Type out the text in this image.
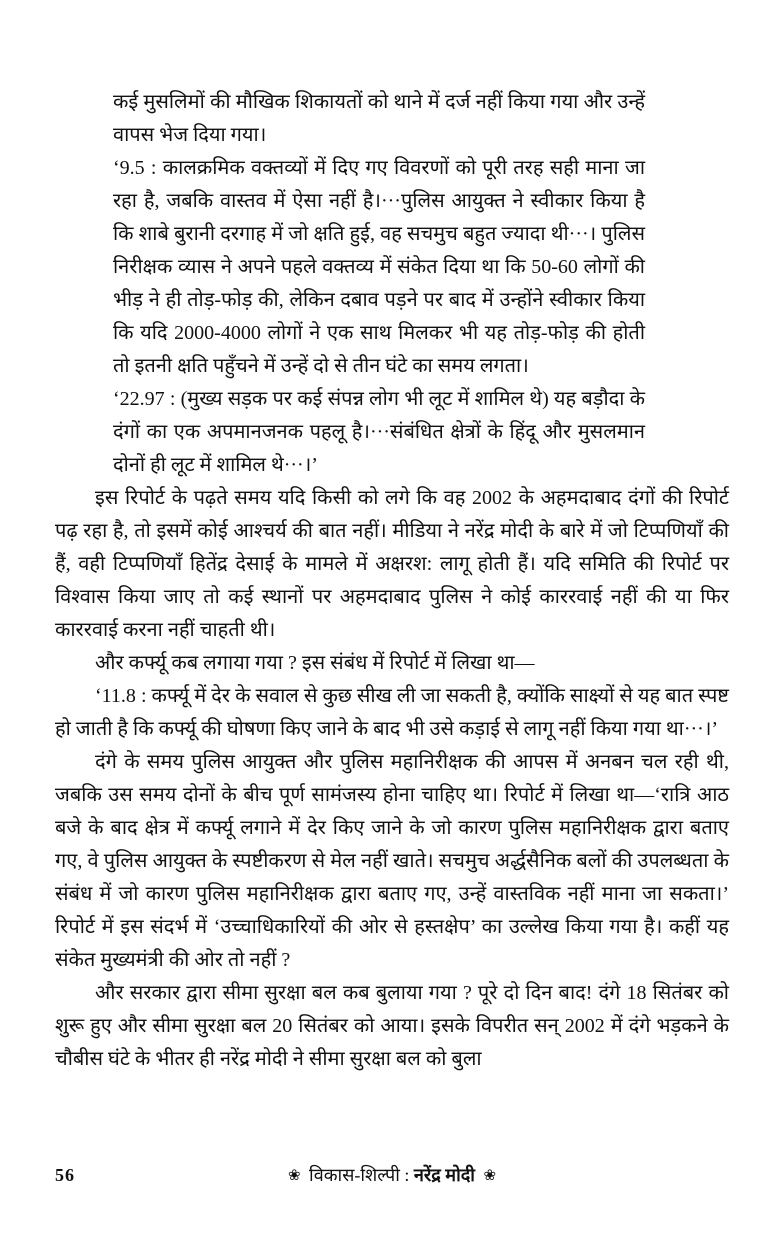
कई मुसलिमों की मौखिक शिकायतों को थाने में दर्ज नहीं किया गया और उन्हें वापस भेज दिया गया।

‘9.5 : कालक्रमिक वक्तव्यों में दिए गए विवरणों को पूरी तरह सही माना जा रहा है, जबकि वास्तव में ऐसा नहीं है।···पुलिस आयुक्त ने स्वीकार किया है कि शाबे बुरानी दरगाह में जो क्षति हुई, वह सचमुच बहुत ज्यादा थी···। पुलिस निरीक्षक व्यास ने अपने पहले वक्तव्य में संकेत दिया था कि 50-60 लोगों की भीड़ ने ही तोड़-फोड़ की, लेकिन दबाव पड़ने पर बाद में उन्होंने स्वीकार किया कि यदि 2000-4000 लोगों ने एक साथ मिलकर भी यह तोड़-फोड़ की होती तो इतनी क्षति पहुँचने में उन्हें दो से तीन घंटे का समय लगता।

‘22.97 : (मुख्य सड़क पर कई संपन्न लोग भी लूट में शामिल थे) यह बड़ौदा के दंगों का एक अपमानजनक पहलू है।···संबंधित क्षेत्रों के हिंदू और मुसलमान दोनों ही लूट में शामिल थे···।’

इस रिपोर्ट के पढ़ते समय यदि किसी को लगे कि वह 2002 के अहमदाबाद दंगों की रिपोर्ट पढ़ रहा है, तो इसमें कोई आश्चर्य की बात नहीं। मीडिया ने नरेंद्र मोदी के बारे में जो टिप्पणियाँ की हैं, वही टिप्पणियाँ हितेंद्र देसाई के मामले में अक्षरश: लागू होती हैं। यदि समिति की रिपोर्ट पर विश्वास किया जाए तो कई स्थानों पर अहमदाबाद पुलिस ने कोई काररवाई नहीं की या फिर काररवाई करना नहीं चाहती थी।

और कर्फ्यू कब लगाया गया ? इस संबंध में रिपोर्ट में लिखा था—

‘11.8 : कर्फ्यू में देर के सवाल से कुछ सीख ली जा सकती है, क्योंकि साक्ष्यों से यह बात स्पष्ट हो जाती है कि कर्फ्यू की घोषणा किए जाने के बाद भी उसे कड़ाई से लागू नहीं किया गया था···।’

दंगे के समय पुलिस आयुक्त और पुलिस महानिरीक्षक की आपस में अनबन चल रही थी, जबकि उस समय दोनों के बीच पूर्ण सामंजस्य होना चाहिए था। रिपोर्ट में लिखा था—‘रात्रि आठ बजे के बाद क्षेत्र में कर्फ्यू लगाने में देर किए जाने के जो कारण पुलिस महानिरीक्षक द्वारा बताए गए, वे पुलिस आयुक्त के स्पष्टीकरण से मेल नहीं खाते। सचमुच अर्द्धसैनिक बलों की उपलब्धता के संबंध में जो कारण पुलिस महानिरीक्षक द्वारा बताए गए, उन्हें वास्तविक नहीं माना जा सकता।’ रिपोर्ट में इस संदर्भ में ‘उच्चाधिकारियों की ओर से हस्तक्षेप’ का उल्लेख किया गया है। कहीं यह संकेत मुख्यमंत्री की ओर तो नहीं ?

और सरकार द्वारा सीमा सुरक्षा बल कब बुलाया गया ? पूरे दो दिन बाद! दंगे 18 सितंबर को शुरू हुए और सीमा सुरक्षा बल 20 सितंबर को आया। इसके विपरीत सन् 2002 में दंगे भड़कने के चौबीस घंटे के भीतर ही नरेंद्र मोदी ने सीमा सुरक्षा बल को बुला

56	❀ विकास-शिल्पी : नरेंद्र मोदी ❀
